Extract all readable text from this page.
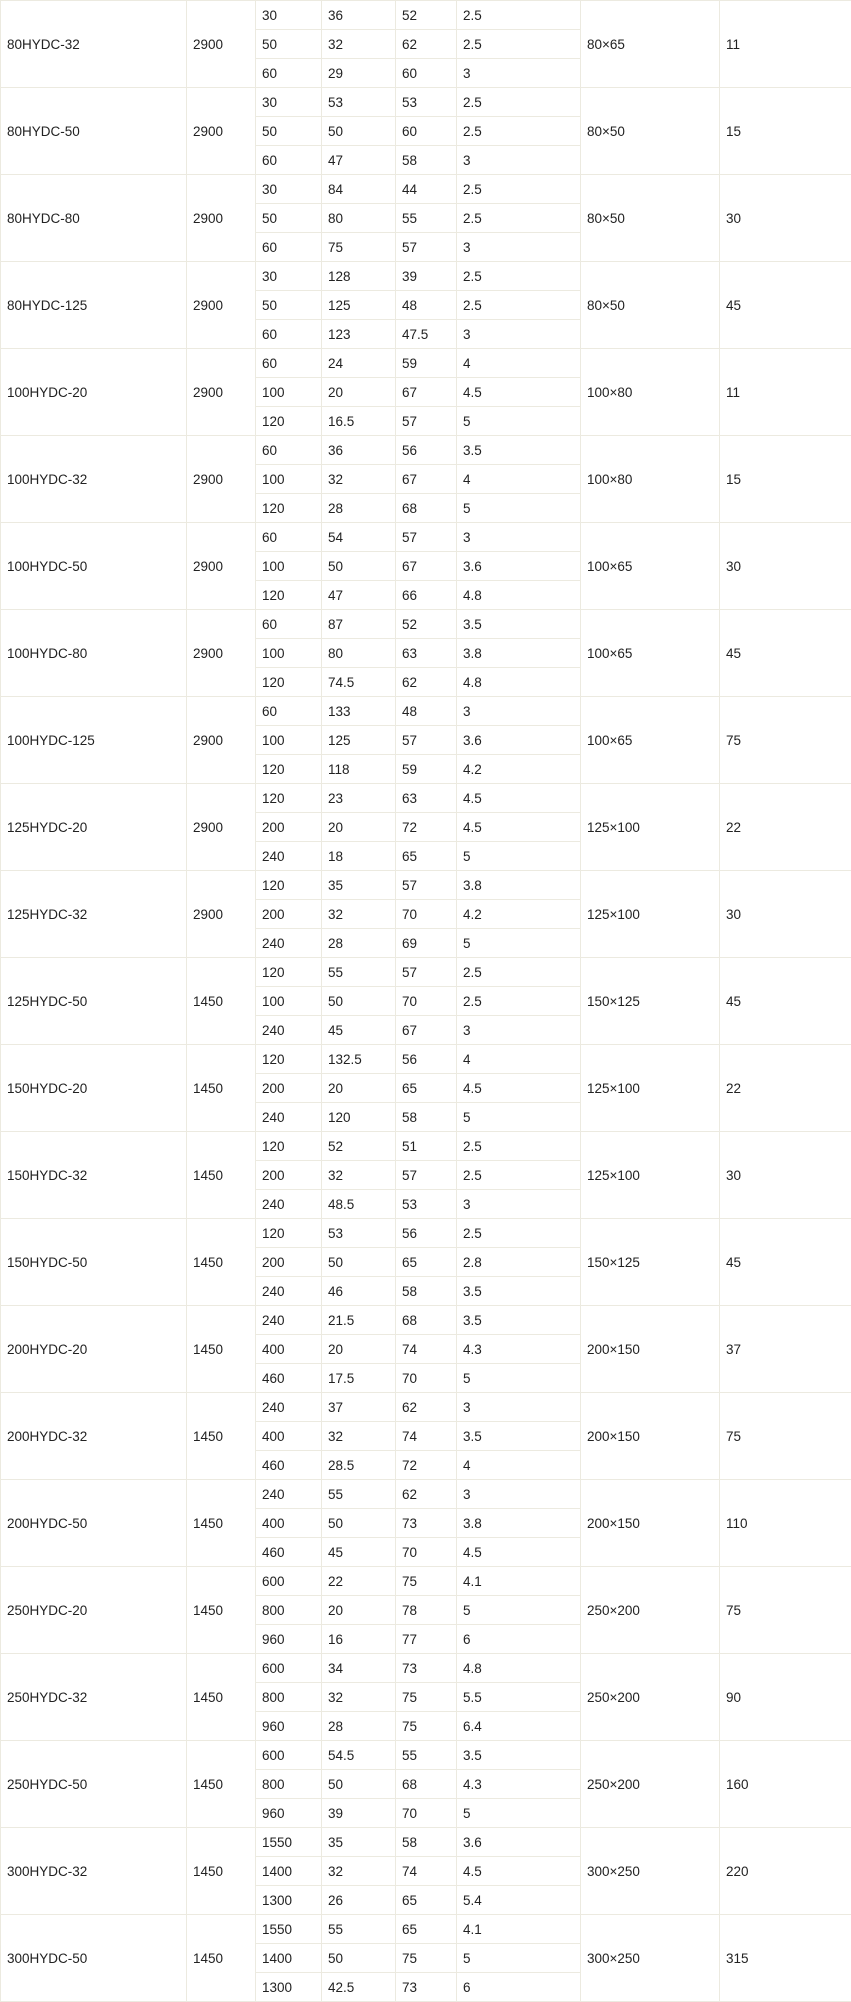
80HYDC-32	2900	30	36	52	2.5	80×65	11
		50	32	62	2.5		
		60	29	60	3		
80HYDC-50	2900	30	53	53	2.5	80×50	15
		50	50	60	2.5		
		60	47	58	3		
80HYDC-80	2900	30	84	44	2.5	80×50	30
		50	80	55	2.5		
		60	75	57	3		
80HYDC-125	2900	30	128	39	2.5	80×50	45
		50	125	48	2.5		
		60	123	47.5	3		
100HYDC-20	2900	60	24	59	4	100×80	11
		100	20	67	4.5		
		120	16.5	57	5		
100HYDC-32	2900	60	36	56	3.5	100×80	15
		100	32	67	4		
		120	28	68	5		
100HYDC-50	2900	60	54	57	3	100×65	30
		100	50	67	3.6		
		120	47	66	4.8		
100HYDC-80	2900	60	87	52	3.5	100×65	45
		100	80	63	3.8		
		120	74.5	62	4.8		
100HYDC-125	2900	60	133	48	3	100×65	75
		100	125	57	3.6		
		120	118	59	4.2		
125HYDC-20	2900	120	23	63	4.5	125×100	22
		200	20	72	4.5		
		240	18	65	5		
125HYDC-32	2900	120	35	57	3.8	125×100	30
		200	32	70	4.2		
		240	28	69	5		
125HYDC-50	1450	120	55	57	2.5	150×125	45
		100	50	70	2.5		
		240	45	67	3		
150HYDC-20	1450	120	132.5	56	4	125×100	22
		200	20	65	4.5		
		240	120	58	5		
150HYDC-32	1450	120	52	51	2.5	125×100	30
		200	32	57	2.5		
		240	48.5	53	3		
150HYDC-50	1450	120	53	56	2.5	150×125	45
		200	50	65	2.8		
		240	46	58	3.5		
200HYDC-20	1450	240	21.5	68	3.5	200×150	37
		400	20	74	4.3		
		460	17.5	70	5		
200HYDC-32	1450	240	37	62	3	200×150	75
		400	32	74	3.5		
		460	28.5	72	4		
200HYDC-50	1450	240	55	62	3	200×150	110
		400	50	73	3.8		
		460	45	70	4.5		
250HYDC-20	1450	600	22	75	4.1	250×200	75
		800	20	78	5		
		960	16	77	6		
250HYDC-32	1450	600	34	73	4.8	250×200	90
		800	32	75	5.5		
		960	28	75	6.4		
250HYDC-50	1450	600	54.5	55	3.5	250×200	160
		800	50	68	4.3		
		960	39	70	5		
300HYDC-32	1450	1550	35	58	3.6	300×250	220
		1400	32	74	4.5		
		1300	26	65	5.4		
300HYDC-50	1450	1550	55	65	4.1	300×250	315
		1400	50	75	5		
		1300	42.5	73	6		
